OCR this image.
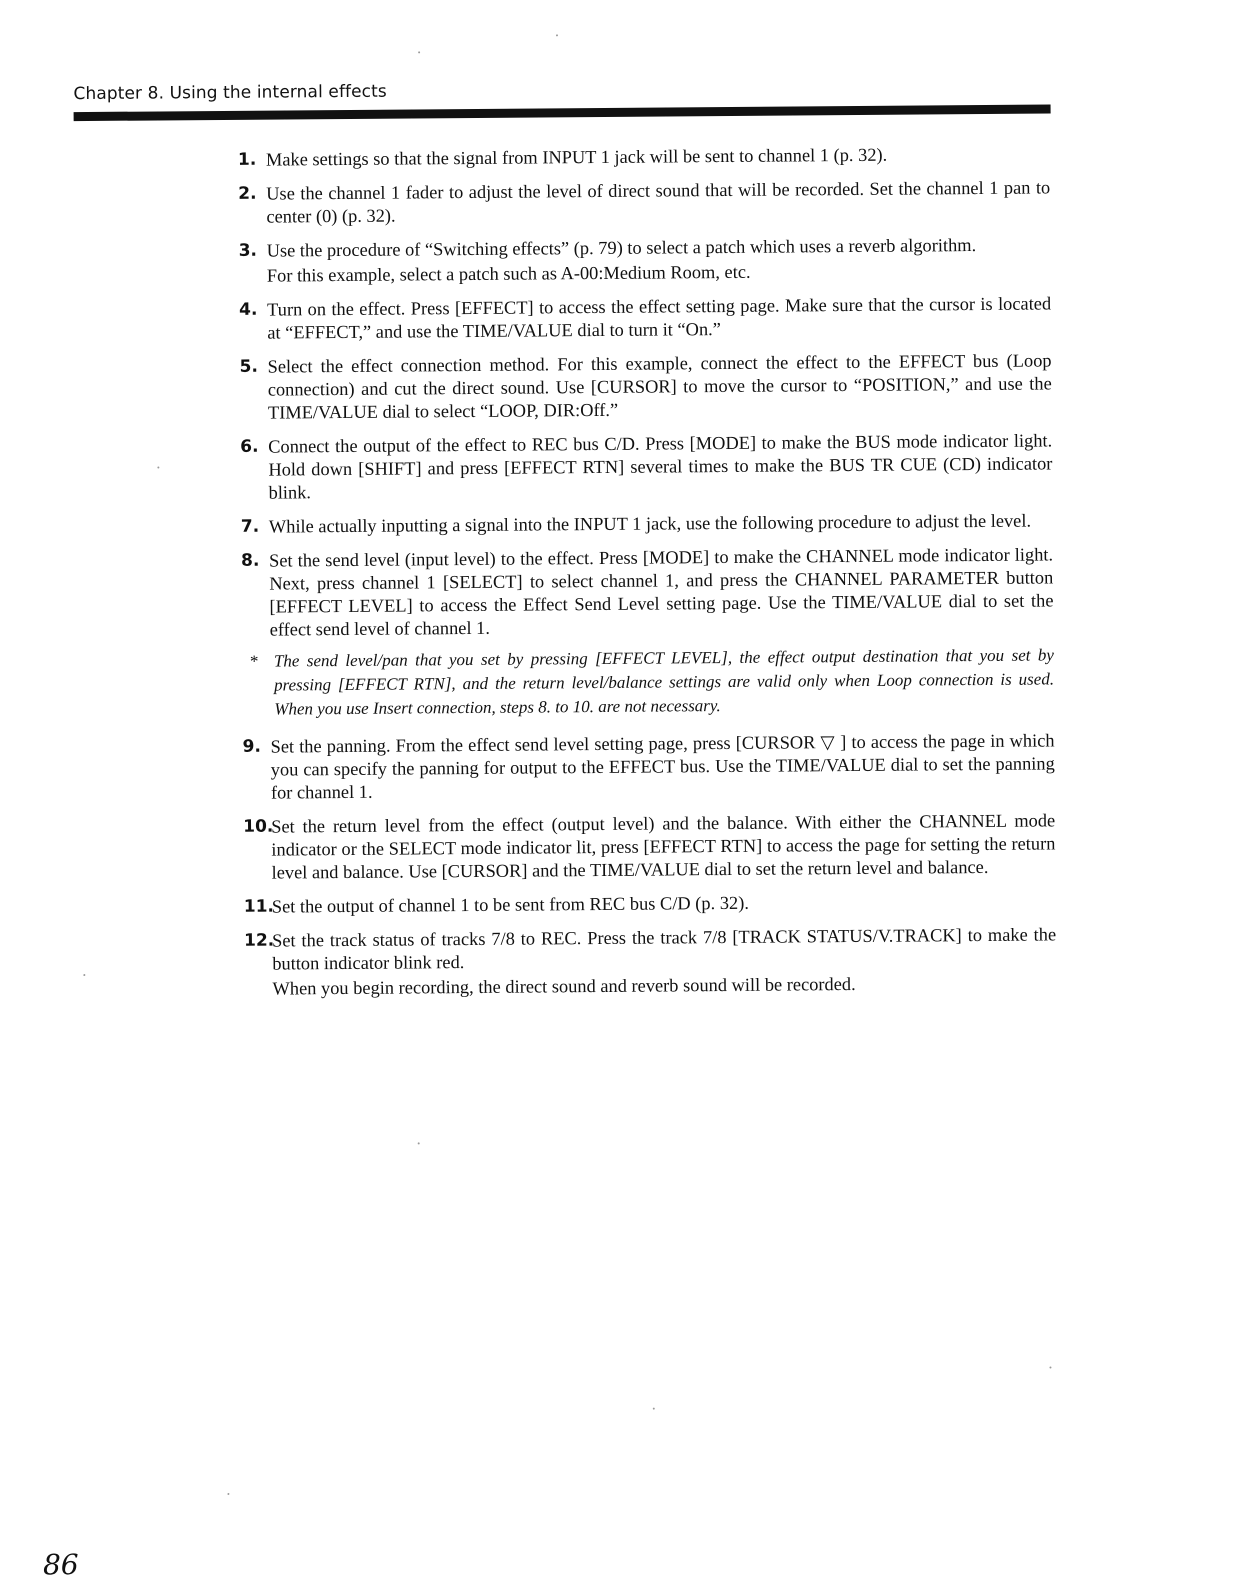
Chapter 8. Using the internal effects
1. Make settings so that the signal from INPUT 1 jack will be sent to channel 1 (p. 32).
2. Use the channel 1 fader to adjust the level of direct sound that will be recorded. Set the channel 1 pan to center (0) (p. 32).
3. Use the procedure of “Switching effects” (p. 79) to select a patch which uses a reverb algorithm.
For this example, select a patch such as A-00:Medium Room, etc.
4. Turn on the effect. Press [EFFECT] to access the effect setting page. Make sure that the cursor is located at “EFFECT,” and use the TIME/VALUE dial to turn it “On.”
5. Select the effect connection method. For this example, connect the effect to the EFFECT bus (Loop connection) and cut the direct sound. Use [CURSOR] to move the cursor to “POSITION,” and use the TIME/VALUE dial to select “LOOP, DIR:Off.”
6. Connect the output of the effect to REC bus C/D. Press [MODE] to make the BUS mode indicator light. Hold down [SHIFT] and press [EFFECT RTN] several times to make the BUS TR CUE (CD) indicator blink.
7. While actually inputting a signal into the INPUT 1 jack, use the following procedure to adjust the level.
8. Set the send level (input level) to the effect. Press [MODE] to make the CHANNEL mode indicator light. Next, press channel 1 [SELECT] to select channel 1, and press the CHANNEL PARAMETER button [EFFECT LEVEL] to access the Effect Send Level setting page. Use the TIME/VALUE dial to set the effect send level of channel 1.
* The send level/pan that you set by pressing [EFFECT LEVEL], the effect output destination that you set by pressing [EFFECT RTN], and the return level/balance settings are valid only when Loop connection is used. When you use Insert connection, steps 8. to 10. are not necessary.
9. Set the panning. From the effect send level setting page, press [CURSOR ▽ ] to access the page in which you can specify the panning for output to the EFFECT bus. Use the TIME/VALUE dial to set the panning for channel 1.
10.
Set the return level from the effect (output level) and the balance. With either the CHANNEL mode indicator or the SELECT mode indicator lit, press [EFFECT RTN] to access the page for setting the return level and balance. Use [CURSOR] and the TIME/VALUE dial to set the return level and balance.
11.
Set the output of channel 1 to be sent from REC bus C/D (p. 32).
12.
Set the track status of tracks 7/8 to REC. Press the track 7/8 [TRACK STATUS/V.TRACK] to make the button indicator blink red.
When you begin recording, the direct sound and reverb sound will be recorded.
86
